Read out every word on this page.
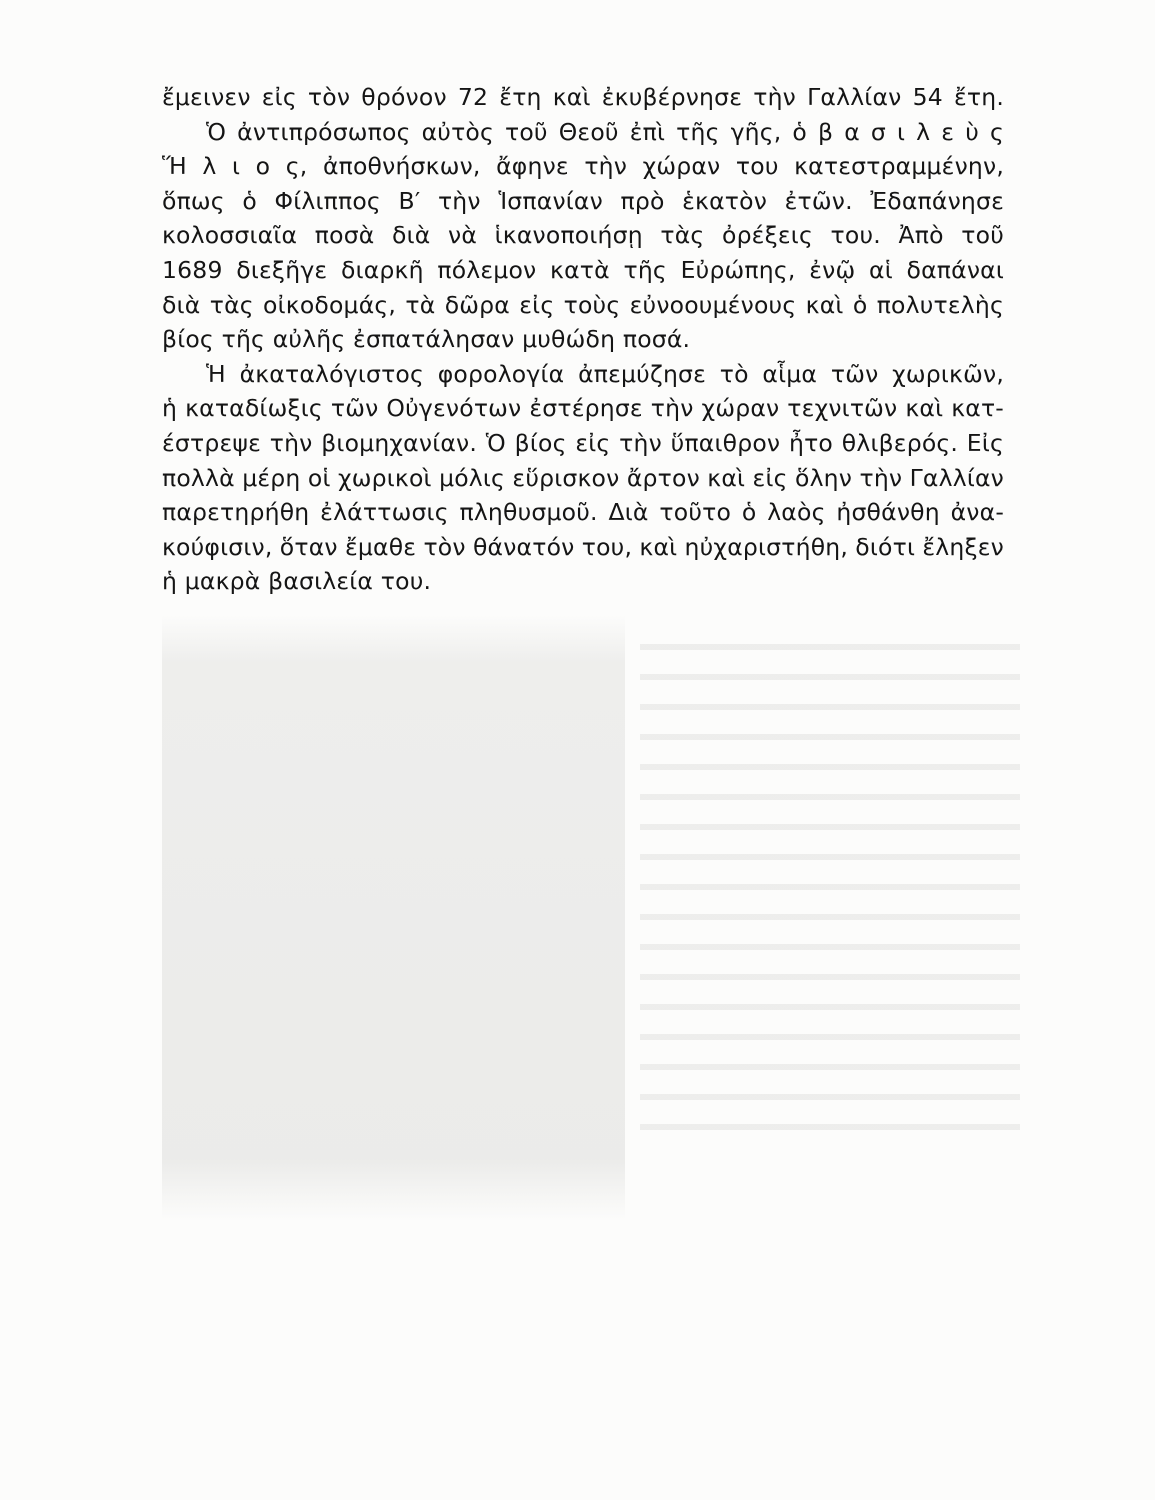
ἔμεινεν εἰς τὸν θρόνον 72 ἔτη καὶ ἐκυβέρνησε τὴν Γαλλίαν 54 ἔτη.
Ὁ ἀντιπρόσωπος αὐτὸς τοῦ Θεοῦ ἐπὶ τῆς γῆς, ὁ β α σ ι λ ε ὺ ς
Ἥ λ ι ο ς, ἀποθνήσκων, ἄφηνε τὴν χώραν του κατεστραμμένην,
ὅπως ὁ Φίλιππος Β′ τὴν Ἱσπανίαν πρὸ ἑκατὸν ἐτῶν. Ἐδαπάνησε
κολοσσιαῖα ποσὰ διὰ νὰ ἱκανοποιήσῃ τὰς ὀρέξεις του. Ἀπὸ τοῦ
1689 διεξῆγε διαρκῆ πόλεμον κατὰ τῆς Εὐρώπης, ἐνῷ αἱ δαπάναι
διὰ τὰς οἰκοδομάς, τὰ δῶρα εἰς τοὺς εὐνοουμένους καὶ ὁ πολυτελὴς
βίος τῆς αὐλῆς ἐσπατάλησαν μυθώδη ποσά.
Ἡ ἀκαταλόγιστος φορολογία ἀπεμύζησε τὸ αἷμα τῶν χωρικῶν,
ἡ καταδίωξις τῶν Οὐγενότων ἐστέρησε τὴν χώραν τεχνιτῶν καὶ κατ-
έστρεψε τὴν βιομηχανίαν. Ὁ βίος εἰς τὴν ὕπαιθρον ἦτο θλιβερός. Εἰς
πολλὰ μέρη οἱ χωρικοὶ μόλις εὕρισκον ἄρτον καὶ εἰς ὅλην τὴν Γαλλίαν
παρετηρήθη ἐλάττωσις πληθυσμοῦ. Διὰ τοῦτο ὁ λαὸς ἠσθάνθη ἀνα-
κούφισιν, ὅταν ἔμαθε τὸν θάνατόν του, καὶ ηὐχαριστήθη, διότι ἔληξεν
ἡ μακρὰ βασιλεία του.
